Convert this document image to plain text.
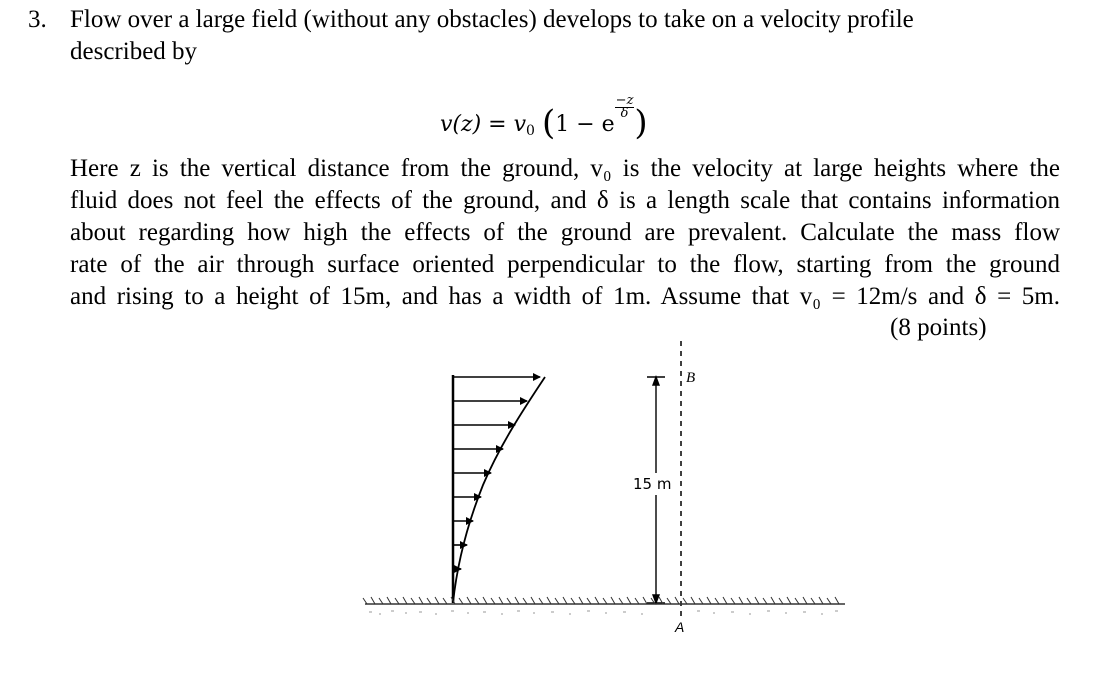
3. Flow over a large field (without any obstacles) develops to take on a velocity profile
described by
v(z) = v0 (1 − e
$\frac{-z}{\delta}$ )
Here z is the vertical distance from the ground, v₀ is the velocity at large heights where the
fluid does not feel the effects of the ground, and δ is a length scale that contains information
about regarding how high the effects of the ground are prevalent. Calculate the mass flow
rate of the air through surface oriented perpendicular to the flow, starting from the ground
and rising to a height of 15m, and has a width of 1m. Assume that v₀ = 12m/s and δ = 5m.
(8 points)
15 m
B
A
